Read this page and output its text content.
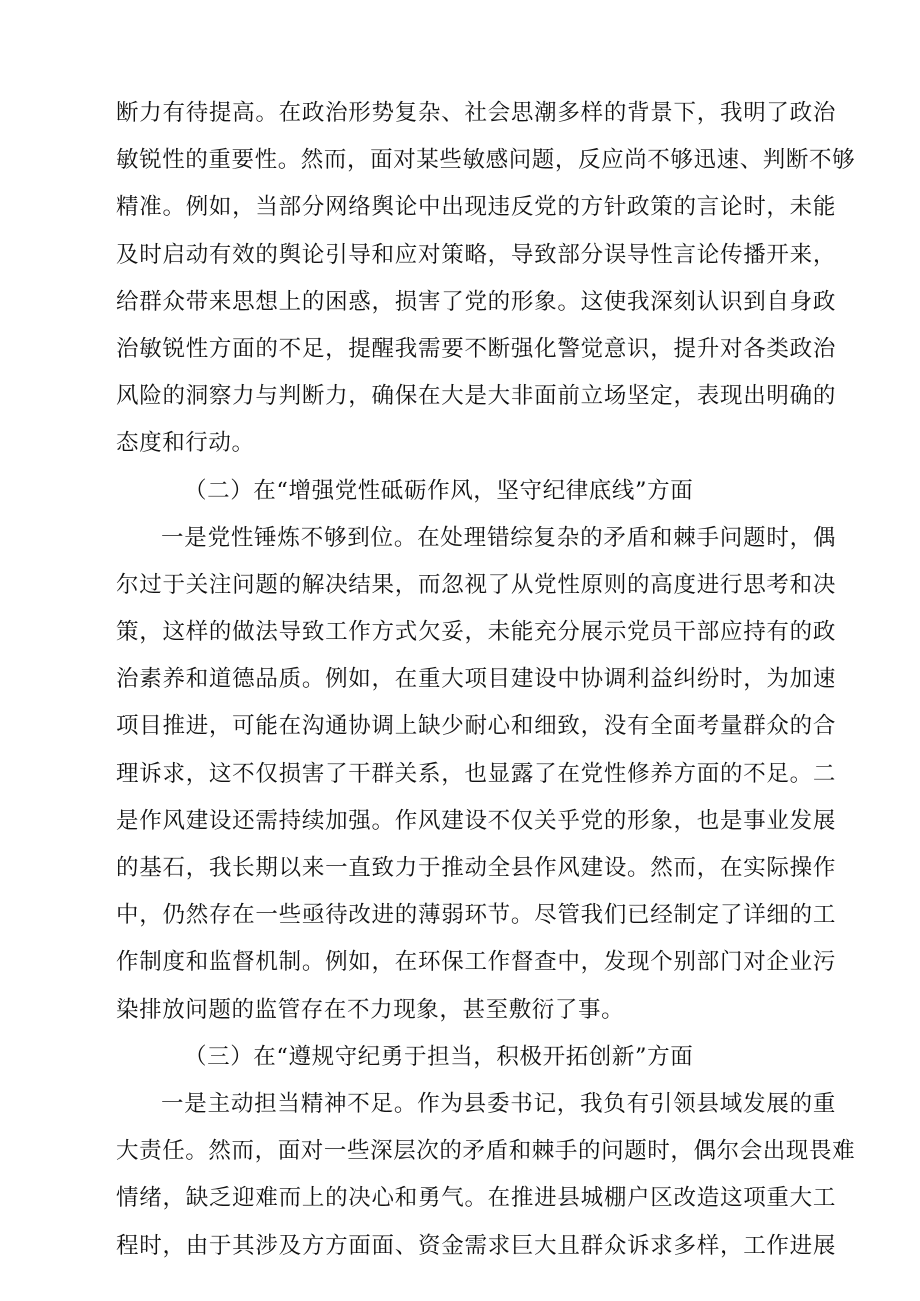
断力有待提高。在政治形势复杂、社会思潮多样的背景下，我明了政治
敏锐性的重要性。然而，面对某些敏感问题，反应尚不够迅速、判断不够
精准。例如，当部分网络舆论中出现违反党的方针政策的言论时，未能
及时启动有效的舆论引导和应对策略，导致部分误导性言论传播开来，
给群众带来思想上的困惑，损害了党的形象。这使我深刻认识到自身政
治敏锐性方面的不足，提醒我需要不断强化警觉意识，提升对各类政治
风险的洞察力与判断力，确保在大是大非面前立场坚定，表现出明确的
态度和行动。
（二）在“增强党性砥砺作风，坚守纪律底线”方面
一是党性锤炼不够到位。在处理错综复杂的矛盾和棘手问题时，偶
尔过于关注问题的解决结果，而忽视了从党性原则的高度进行思考和决
策，这样的做法导致工作方式欠妥，未能充分展示党员干部应持有的政
治素养和道德品质。例如，在重大项目建设中协调利益纠纷时，为加速
项目推进，可能在沟通协调上缺少耐心和细致，没有全面考量群众的合
理诉求，这不仅损害了干群关系，也显露了在党性修养方面的不足。二
是作风建设还需持续加强。作风建设不仅关乎党的形象，也是事业发展
的基石，我长期以来一直致力于推动全县作风建设。然而，在实际操作
中，仍然存在一些亟待改进的薄弱环节。尽管我们已经制定了详细的工
作制度和监督机制。例如，在环保工作督查中，发现个别部门对企业污
染排放问题的监管存在不力现象，甚至敷衍了事。
（三）在“遵规守纪勇于担当，积极开拓创新”方面
一是主动担当精神不足。作为县委书记，我负有引领县域发展的重
大责任。然而，面对一些深层次的矛盾和棘手的问题时，偶尔会出现畏难
情绪，缺乏迎难而上的决心和勇气。在推进县城棚户区改造这项重大工
程时，由于其涉及方方面面、资金需求巨大且群众诉求多样，工作进展
